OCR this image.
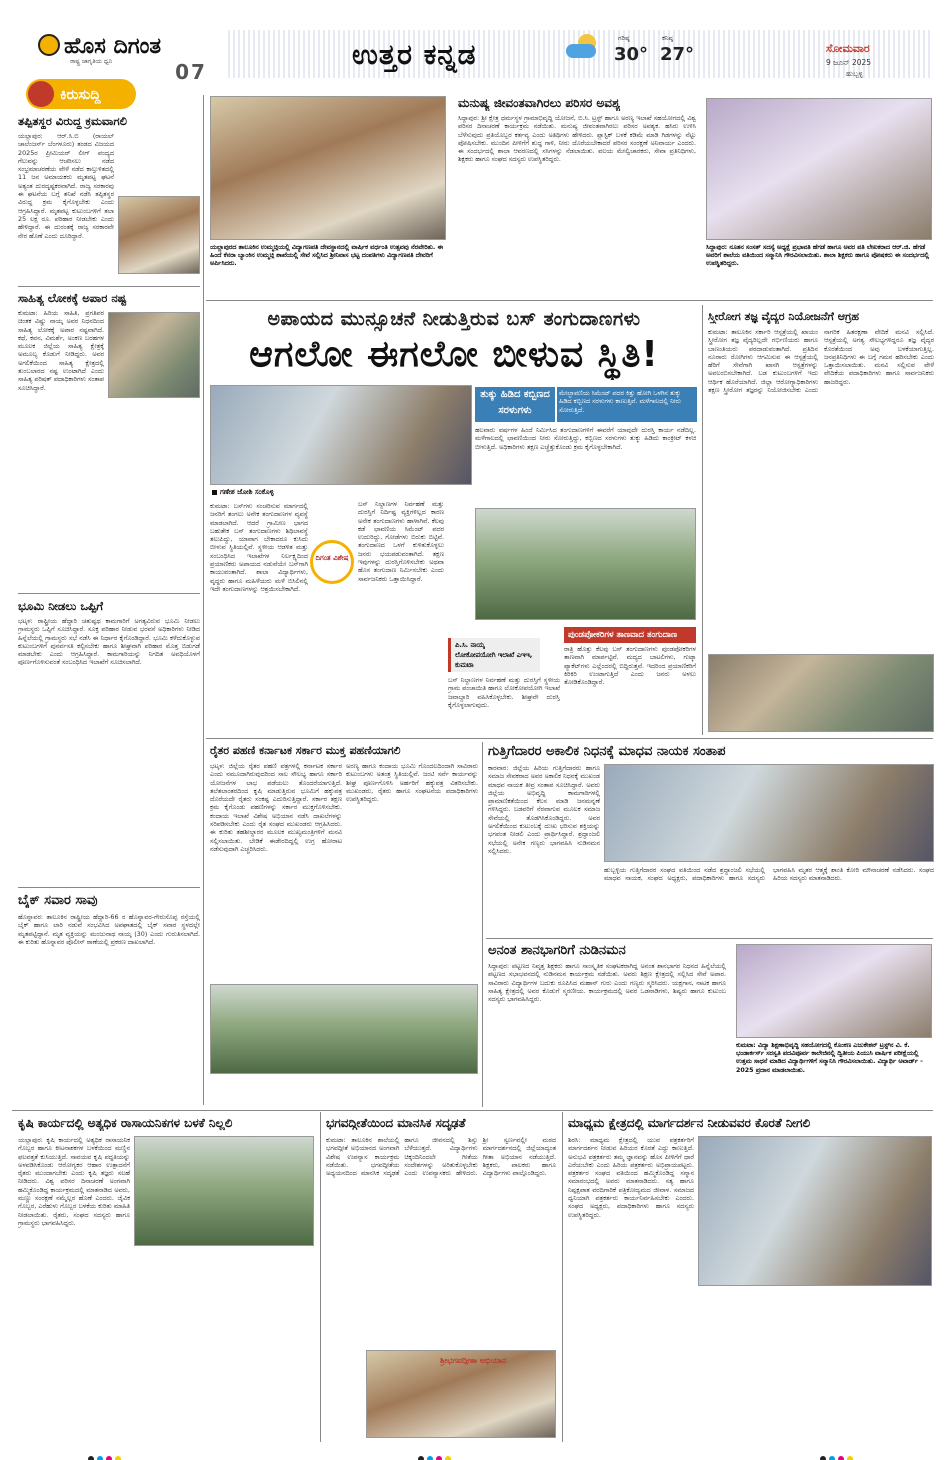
ಹೊಸ ದಿಗಂತ
ರಾಷ್ಟ್ರ ಜಾಗೃತಿಯ ಧ್ವನಿ	07
ಉತ್ತರ ಕನ್ನಡ	ಗರಿಷ್ಠ
30°
ಕನಿಷ್ಠ
27°	ಸೋಮವಾರ
9 ಜೂನ್ 2025
ಹುಬ್ಬಳ್ಳಿ
ಕಿರುಸುದ್ದಿ
ತಪ್ಪಿತಸ್ಥರ ವಿರುದ್ಧ ಕ್ರಮವಾಗಲಿ
ಯಲ್ಲಾಪುರ: ಆರ್.ಸಿ.ಬಿ (ರಾಯಲ್ ಚಾಲೆಂಜರ್ಸ್ ಬೆಂಗಳೂರು) ತಂಡದ ವಿಜಯದ 2025ರ ಪ್ರೀಮಿಯರ್ ಲೀಗ್ ಪಂದ್ಯದ ಗೆಲುವನ್ನು ಆಚರಿಸಲು ನಡೆದ ಸಂಭ್ರಮಾಚರಣೆಯ ವೇಳೆ ನಡೆದ ಕಾಲ್ತುಳಿತದಲ್ಲಿ 11 ಜನ ಅಮಾಯಕರು ಮೃತಪಟ್ಟ ಘಟನೆ ಅತ್ಯಂತ ದುರದೃಷ್ಟಕರವಾಗಿದೆ. ರಾಜ್ಯ ಸರಕಾರವು ಈ ಘಟನೆಯ ಬಗ್ಗೆ ತನಿಖೆ ನಡೆಸಿ ತಪ್ಪಿತಸ್ಥರ ವಿರುದ್ಧ ಕ್ರಮ ಕೈಗೊಳ್ಳಬೇಕು ಎಂದು ಆಗ್ರಹಿಸಿದ್ದಾರೆ. ಮೃತಪಟ್ಟ ಕುಟುಂಬಗಳಿಗೆ ತಲಾ 25 ಲಕ್ಷ ರೂ. ಪರಿಹಾರ ನೀಡಬೇಕು ಎಂದು ಹೇಳಿದ್ದಾರೆ. ಈ ದುರಂತಕ್ಕೆ ರಾಜ್ಯ ಸರಕಾರವೇ ನೇರ ಹೊಣೆ ಎಂದು ದೂರಿದ್ದಾರೆ.
ಸಾಹಿತ್ಯ ಲೋಕಕ್ಕೆ ಅಪಾರ ನಷ್ಟ
ಕುಮಟಾ: ಹಿರಿಯ ಸಾಹಿತಿ, ಪ್ರಗತಿಪರ ಚಿಂತಕ ವಿಷ್ಣು ನಾಯ್ಕ ಅವರ ನಿಧನದಿಂದ ಸಾಹಿತ್ಯ ಲೋಕಕ್ಕೆ ಅಪಾರ ನಷ್ಟವಾಗಿದೆ. ಕಥೆ, ಕವನ, ವಿಮರ್ಶೆ, ಅಂಕಣ ಬರಹಗಳ ಮೂಲಕ ಜಿಲ್ಲೆಯ ಸಾಹಿತ್ಯ ಕ್ಷೇತ್ರಕ್ಕೆ ಅಮೂಲ್ಯ ಕೊಡುಗೆ ನೀಡಿದ್ದರು. ಅವರ ಅಗಲಿಕೆಯಿಂದ ಸಾಹಿತ್ಯ ಕ್ಷೇತ್ರದಲ್ಲಿ ತುಂಬಲಾರದ ನಷ್ಟ ಉಂಟಾಗಿದೆ ಎಂದು ಸಾಹಿತ್ಯ ಪರಿಷತ್ ಪದಾಧಿಕಾರಿಗಳು ಸಂತಾಪ ಸೂಚಿಸಿದ್ದಾರೆ.
ಭೂಮಿ ನೀಡಲು ಒಪ್ಪಿಗೆ
ಭಟ್ಕಳ: ರಾಷ್ಟ್ರೀಯ ಹೆದ್ದಾರಿ ಚತುಷ್ಪಥ ಕಾಮಗಾರಿಗೆ ಅಗತ್ಯವಿರುವ ಭೂಮಿ ನೀಡಲು ಗ್ರಾಮಸ್ಥರು ಒಪ್ಪಿಗೆ ಸೂಚಿಸಿದ್ದಾರೆ. ಸೂಕ್ತ ಪರಿಹಾರ ನೀಡುವ ಭರವಸೆ ಅಧಿಕಾರಿಗಳು ನೀಡಿದ ಹಿನ್ನೆಲೆಯಲ್ಲಿ ಗ್ರಾಮಸ್ಥರು ಸಭೆ ನಡೆಸಿ ಈ ನಿರ್ಧಾರ ಕೈಗೊಂಡಿದ್ದಾರೆ. ಭೂಮಿ ಕಳೆದುಕೊಳ್ಳುವ ಕುಟುಂಬಗಳಿಗೆ ಪುನರ್ವಸತಿ ಕಲ್ಪಿಸಬೇಕು ಹಾಗೂ ಶೀಘ್ರವಾಗಿ ಪರಿಹಾರ ಮೊತ್ತ ಬಿಡುಗಡೆ ಮಾಡಬೇಕು ಎಂದು ಆಗ್ರಹಿಸಿದ್ದಾರೆ. ಕಾಮಗಾರಿಯನ್ನು ನಿಗದಿತ ಅವಧಿಯೊಳಗೆ ಪೂರ್ಣಗೊಳಿಸುವಂತೆ ಸಂಬಂಧಿಸಿದ ಇಲಾಖೆಗೆ ಸೂಚಿಸಲಾಗಿದೆ.
ಬೈಕ್ ಸವಾರ ಸಾವು
ಹೊನ್ನಾವರ: ತಾಲೂಕಿನ ರಾಷ್ಟ್ರೀಯ ಹೆದ್ದಾರಿ-66 ರ ಹೊನ್ನಾವರ-ಗೇರುಸೊಪ್ಪ ರಸ್ತೆಯಲ್ಲಿ ಬೈಕ್ ಹಾಗೂ ಲಾರಿ ನಡುವೆ ಸಂಭವಿಸಿದ ಅಪಘಾತದಲ್ಲಿ ಬೈಕ್ ಸವಾರ ಸ್ಥಳದಲ್ಲೇ ಮೃತಪಟ್ಟಿದ್ದಾನೆ. ಮೃತ ವ್ಯಕ್ತಿಯನ್ನು ಮಂಜುನಾಥ ನಾಯ್ಕ (30) ಎಂದು ಗುರುತಿಸಲಾಗಿದೆ. ಈ ಕುರಿತು ಹೊನ್ನಾವರ ಪೊಲೀಸ್ ಠಾಣೆಯಲ್ಲಿ ಪ್ರಕರಣ ದಾಖಲಾಗಿದೆ.
ಯಲ್ಲಾಪುರದ ತಾಲೂಕಿನ ಉಮ್ಮಚ್ಗಿಯಲ್ಲಿ ವಿದ್ಯಾಗಣಪತಿ ದೇವಸ್ಥಾನದಲ್ಲಿ ವಾರ್ಷಿಕ ವರ್ಧಂತಿ ಉತ್ಸವವು ನೆರವೇರಿತು. ಈ ಹಿಂದೆ ಕೆನರಾ ಬ್ಯಾಂಕಿನ ಉಮ್ಮಚ್ಗಿ ಶಾಖೆಯಲ್ಲಿ ಸೇವೆ ಸಲ್ಲಿಸಿದ ಶ್ರೀನಿವಾಸ ಭಟ್ಟ ದಂಪತಿಗಳು ವಿದ್ಯಾಗಣಪತಿ ದೇವರಿಗೆ ಅರ್ಪಿಸಿದರು.
ಮನುಷ್ಯ ಜೀವಂತವಾಗಿರಲು ಪರಿಸರ ಅವಶ್ಯ
ಸಿದ್ದಾಪುರ: ಶ್ರೀ ಕ್ಷೇತ್ರ ಧರ್ಮಸ್ಥಳ ಗ್ರಾಮಾಭಿವೃದ್ಧಿ ಯೋಜನೆ, ಬಿ.ಸಿ. ಟ್ರಸ್ಟ್ ಹಾಗೂ ಅರಣ್ಯ ಇಲಾಖೆ ಸಹಯೋಗದಲ್ಲಿ ವಿಶ್ವ ಪರಿಸರ ದಿನಾಚರಣೆ ಕಾರ್ಯಕ್ರಮ ನಡೆಯಿತು. ಮನುಷ್ಯ ಜೀವಂತವಾಗಿರಲು ಪರಿಸರ ಅವಶ್ಯಕ. ಹಸಿರು ಉಳಿಸಿ ಬೆಳೆಸುವುದು ಪ್ರತಿಯೊಬ್ಬರ ಕರ್ತವ್ಯ ಎಂದು ಅತಿಥಿಗಳು ಹೇಳಿದರು. ಪ್ಲಾಸ್ಟಿಕ್ ಬಳಕೆ ಕಡಿಮೆ ಮಾಡಿ ಗಿಡಗಳನ್ನು ನೆಟ್ಟು ಪೋಷಿಸಬೇಕು. ಮುಂದಿನ ಪೀಳಿಗೆಗೆ ಶುದ್ಧ ಗಾಳಿ, ನೀರು ದೊರೆಯಬೇಕಾದರೆ ಪರಿಸರ ಸಂರಕ್ಷಣೆ ಅನಿವಾರ್ಯ ಎಂದರು. ಈ ಸಂದರ್ಭದಲ್ಲಿ ಶಾಲಾ ಆವರಣದಲ್ಲಿ ಸಸಿಗಳನ್ನು ನೆಡಲಾಯಿತು. ವಲಯ ಮೇಲ್ವಿಚಾರಕರು, ಸೇವಾ ಪ್ರತಿನಿಧಿಗಳು, ಶಿಕ್ಷಕರು ಹಾಗೂ ಸಂಘದ ಸದಸ್ಯರು ಉಪಸ್ಥಿತರಿದ್ದರು.
ಸಿದ್ದಾಪುರ: ನೂತನ ಸಂಸತ್ ಸದಸ್ಯೆ ಅಧ್ಯಕ್ಷೆ ಪ್ರಭಾವತಿ ಹೆಗಡೆ ಹಾಗೂ ಅವರ ಪತಿ ಲೇಖಕರಾದ ಆರ್.ಜಿ. ಹೆಗಡೆ ಅವರಿಗೆ ಶಾಲೆಯ ವತಿಯಿಂದ ಸನ್ಮಾನಿಸಿ ಗೌರವಿಸಲಾಯಿತು. ಶಾಲಾ ಶಿಕ್ಷಕರು ಹಾಗೂ ಪೋಷಕರು ಈ ಸಂದರ್ಭದಲ್ಲಿ ಉಪಸ್ಥಿತರಿದ್ದರು.
ಅಪಾಯದ ಮುನ್ಸೂಚನೆ ನೀಡುತ್ತಿರುವ ಬಸ್ ತಂಗುದಾಣಗಳು
ಆಗಲೋ ಈಗಲೋ ಬೀಳುವ ಸ್ಥಿತಿ!
ತುಕ್ಕು ಹಿಡಿದ ಕಬ್ಬಿಣದ ಸರಳುಗಳು
ಮೇಲ್ಛಾವಣಿಯ ಸಿಮೆಂಟ್ ಪದರ ಕಿತ್ತು ಹೋಗಿ ಒಳಗಿನ ತುಕ್ಕು ಹಿಡಿದ ಕಬ್ಬಿಣದ ಸರಳುಗಳು ಕಾಣುತ್ತಿವೆ. ಮಳೆಗಾಲದಲ್ಲಿ ನೀರು ಸೋರುತ್ತಿದೆ.
ಹಲವಾರು ವರ್ಷಗಳ ಹಿಂದೆ ನಿರ್ಮಿಸಿದ ತಂಗುದಾಣಗಳಿಗೆ ಈವರೆಗೆ ಯಾವುದೇ ದುರಸ್ತಿ ಕಾರ್ಯ ನಡೆದಿಲ್ಲ. ಮಳೆಗಾಲದಲ್ಲಿ ಛಾವಣಿಯಿಂದ ನೀರು ಸೋರುತ್ತಿದ್ದು, ಕಬ್ಬಿಣದ ಸರಳುಗಳು ತುಕ್ಕು ಹಿಡಿದು ಕಾಂಕ್ರೀಟ್ ಕಳಚಿ ಬೀಳುತ್ತಿದೆ. ಅಧಿಕಾರಿಗಳು ತಕ್ಷಣ ಎಚ್ಚೆತ್ತುಕೊಂಡು ಕ್ರಮ ಕೈಗೊಳ್ಳಬೇಕಾಗಿದೆ.
ಪುಂಡಪೋಕರಿಗಳ ತಾಣವಾದ ತಂಗುದಾಣ
ರಾತ್ರಿ ಹೊತ್ತು ಕೆಲವು ಬಸ್ ತಂಗುದಾಣಗಳು ಪುಂಡಪೋಕರಿಗಳ ತಾಣವಾಗಿ ಮಾರ್ಪಟ್ಟಿವೆ. ಮದ್ಯದ ಬಾಟಲಿಗಳು, ಗುಟ್ಕಾ ಪ್ಯಾಕೆಟ್‌ಗಳು ಎಲ್ಲೆಂದರಲ್ಲಿ ಬಿದ್ದಿರುತ್ತವೆ. ಇದರಿಂದ ಪ್ರಯಾಣಿಕರಿಗೆ ಕಿರಿಕಿರಿ ಉಂಟಾಗುತ್ತಿದೆ ಎಂದು ಜನರು ಅಳಲು ತೋಡಿಕೊಂಡಿದ್ದಾರೆ.
ಗಣೇಶ ಜೋಶಿ ಸಂಕೊಳ್ಳಿ
ಕುಮಟಾ: ಬಸ್‌ಗಳು ಸಂಚರಿಸುವ ಮಾರ್ಗದಲ್ಲಿ ಜನರಿಗೆ ತಂಗಲು ಅನೇಕ ತಂಗುದಾಣಗಳ ವ್ಯವಸ್ಥೆ ಮಾಡಲಾಗಿದೆ. ಆದರೆ ಗ್ರಾಮೀಣ ಭಾಗದ ಬಹುತೇಕ ಬಸ್ ತಂಗುದಾಣಗಳು ಶಿಥಿಲಾವಸ್ಥೆ ತಲುಪಿದ್ದು, ಯಾವಾಗ ಬೇಕಾದರೂ ಕುಸಿದು ಬೀಳುವ ಸ್ಥಿತಿಯಲ್ಲಿವೆ. ಸ್ಥಳೀಯ ಆಡಳಿತ ಮತ್ತು ಸಂಬಂಧಿಸಿದ ಇಲಾಖೆಗಳ ನಿರ್ಲಕ್ಷ್ಯದಿಂದ ಪ್ರಯಾಣಿಕರು ಅಪಾಯದ ನಡುವೆಯೇ ಬಸ್‌ಗಾಗಿ ಕಾಯುವಂತಾಗಿದೆ. ಶಾಲಾ ವಿದ್ಯಾರ್ಥಿಗಳು, ವೃದ್ಧರು ಹಾಗೂ ಮಹಿಳೆಯರು ಮಳೆ ಬಿಸಿಲಿನಲ್ಲಿ ಇದೇ ತಂಗುದಾಣಗಳನ್ನು ಆಶ್ರಯಿಸಬೇಕಾಗಿದೆ.
ದಿಗಂತ ವಿಶೇಷ
ಬಸ್ ನಿಲ್ದಾಣಗಳ ನಿರ್ವಹಣೆ ಮತ್ತು ದುರಸ್ತಿಗೆ ನಿರ್ದಿಷ್ಟ ವ್ಯಕ್ತಿಗಳಿಲ್ಲದ ಕಾರಣ ಅನೇಕ ತಂಗುದಾಣಗಳು ಹಾಳಾಗಿವೆ. ಕೆಲವು ಕಡೆ ಛಾವಣಿಯ ಸಿಮೆಂಟ್ ಪದರ ಉದುರಿದ್ದು, ಗೋಡೆಗಳು ಬಿರುಕು ಬಿಟ್ಟಿವೆ. ತಂಗುದಾಣದ ಒಳಗೆ ಕುಳಿತುಕೊಳ್ಳಲು ಜನರು ಭಯಪಡುವಂತಾಗಿದೆ. ತಕ್ಷಣ ಇವುಗಳನ್ನು ದುರಸ್ತಿಗೊಳಿಸಬೇಕು ಅಥವಾ ಹೊಸ ತಂಗುದಾಣ ನಿರ್ಮಿಸಬೇಕು ಎಂದು ಸಾರ್ವಜನಿಕರು ಒತ್ತಾಯಿಸಿದ್ದಾರೆ.
ಬಸ್ ನಿಲ್ದಾಣಗಳ ನಿರ್ವಹಣೆ ಮತ್ತು ದುರಸ್ತಿಗೆ ಸ್ಥಳೀಯ ಗ್ರಾಮ ಪಂಚಾಯಿತಿ ಹಾಗೂ ಲೋಕೋಪಯೋಗಿ ಇಲಾಖೆ ಜವಾಬ್ದಾರಿ ವಹಿಸಿಕೊಳ್ಳಬೇಕು. ಶೀಘ್ರವೇ ದುರಸ್ತಿ ಕೈಗೊಳ್ಳಲಾಗುವುದು.
ಪಿ.ಸಿ. ನಾಯ್ಕ
ಲೋಕೋಪಯೋಗಿ ಇಲಾಖೆ ಎಇಇ, ಕುಮಟಾ
ಸ್ತ್ರೀರೋಗ ತಜ್ಞ ವೈದ್ಯರ ನಿಯೋಜನೆಗೆ ಆಗ್ರಹ
ಕುಮಟಾ: ತಾಲೂಕಿನ ಸರ್ಕಾರಿ ಆಸ್ಪತ್ರೆಯಲ್ಲಿ ಖಾಯಂ ಸ್ತ್ರೀರೋಗ ತಜ್ಞ ವೈದ್ಯರಿಲ್ಲದೇ ಗರ್ಭಿಣಿಯರು ಹಾಗೂ ಬಾಣಂತಿಯರು ಪರದಾಡುವಂತಾಗಿದೆ. ಪ್ರತಿದಿನ ನೂರಾರು ರೋಗಿಗಳು ಆಗಮಿಸುವ ಈ ಆಸ್ಪತ್ರೆಯಲ್ಲಿ ಹೆರಿಗೆ ಸೇವೆಗಾಗಿ ಖಾಸಗಿ ಆಸ್ಪತ್ರೆಗಳನ್ನು ಅವಲಂಬಿಸಬೇಕಾಗಿದೆ. ಬಡ ಕುಟುಂಬಗಳಿಗೆ ಇದು ಆರ್ಥಿಕ ಹೊರೆಯಾಗಿದೆ. ಜಿಲ್ಲಾ ಆರೋಗ್ಯಾಧಿಕಾರಿಗಳು ತಕ್ಷಣ ಸ್ತ್ರೀರೋಗ ತಜ್ಞರನ್ನು ನಿಯೋಜಿಸಬೇಕು ಎಂದು ನಾಗರಿಕ ಹಿತರಕ್ಷಣಾ ವೇದಿಕೆ ಮನವಿ ಸಲ್ಲಿಸಿದೆ. ಆಸ್ಪತ್ರೆಯಲ್ಲಿ ಅಗತ್ಯ ಸೌಲಭ್ಯಗಳಿದ್ದರೂ ತಜ್ಞ ವೈದ್ಯರ ಕೊರತೆಯಿಂದ ಅವು ಬಳಕೆಯಾಗುತ್ತಿಲ್ಲ. ಜನಪ್ರತಿನಿಧಿಗಳು ಈ ಬಗ್ಗೆ ಗಮನ ಹರಿಸಬೇಕು ಎಂದು ಒತ್ತಾಯಿಸಲಾಯಿತು. ಮನವಿ ಸಲ್ಲಿಸುವ ವೇಳೆ ವೇದಿಕೆಯ ಪದಾಧಿಕಾರಿಗಳು ಹಾಗೂ ಸಾರ್ವಜನಿಕರು ಹಾಜರಿದ್ದರು.
ರೈತರ ಪಹಣಿ ಕರ್ನಾಟಕ ಸರ್ಕಾರ ಮುಕ್ತ ಪಹಣಿಯಾಗಲಿ
ಭಟ್ಕಳ: ಜಿಲ್ಲೆಯ ರೈತರ ಪಹಣಿ ಪತ್ರಗಳಲ್ಲಿ ಕರ್ನಾಟಕ ಸರ್ಕಾರ ಎಂದು ನಮೂದಾಗಿರುವುದರಿಂದ ಸಾಲ ಸೌಲಭ್ಯ ಹಾಗೂ ಸರ್ಕಾರಿ ಯೋಜನೆಗಳ ಲಾಭ ಪಡೆಯಲು ತೊಂದರೆಯಾಗುತ್ತಿದೆ. ತಲೆತಲಾಂತರದಿಂದ ಕೃಷಿ ಮಾಡುತ್ತಿರುವ ಭೂಮಿಗೆ ಹಕ್ಕುಪತ್ರ ದೊರೆಯದೇ ರೈತರು ಸಂಕಷ್ಟ ಎದುರಿಸುತ್ತಿದ್ದಾರೆ. ಸರ್ಕಾರ ತಕ್ಷಣ ಕ್ರಮ ಕೈಗೊಂಡು ಪಹಣಿಗಳನ್ನು ಸರ್ಕಾರ ಮುಕ್ತಗೊಳಿಸಬೇಕು. ಕಂದಾಯ ಇಲಾಖೆ ವಿಶೇಷ ಅಭಿಯಾನ ನಡೆಸಿ ದಾಖಲೆಗಳನ್ನು ಸರಿಪಡಿಸಬೇಕು ಎಂದು ರೈತ ಸಂಘದ ಮುಖಂಡರು ಆಗ್ರಹಿಸಿದರು. ಈ ಕುರಿತು ತಹಶೀಲ್ದಾರರ ಮೂಲಕ ಮುಖ್ಯಮಂತ್ರಿಗಳಿಗೆ ಮನವಿ ಸಲ್ಲಿಸಲಾಯಿತು. ಬೇಡಿಕೆ ಈಡೇರದಿದ್ದಲ್ಲಿ ಉಗ್ರ ಹೋರಾಟ ನಡೆಸುವುದಾಗಿ ಎಚ್ಚರಿಸಿದರು.
ಅರಣ್ಯ ಹಾಗೂ ಕಂದಾಯ ಭೂಮಿ ಗೊಂದಲದಿಂದಾಗಿ ಸಾವಿರಾರು ಕುಟುಂಬಗಳು ಅತಂತ್ರ ಸ್ಥಿತಿಯಲ್ಲಿವೆ. ಜಂಟಿ ಸರ್ವೆ ಕಾರ್ಯವನ್ನು ಶೀಘ್ರ ಪೂರ್ಣಗೊಳಿಸಿ ಅರ್ಹರಿಗೆ ಹಕ್ಕುಪತ್ರ ವಿತರಿಸಬೇಕು. ಮುಖಂಡರು, ರೈತರು ಹಾಗೂ ಸಂಘಟನೆಯ ಪದಾಧಿಕಾರಿಗಳು ಉಪಸ್ಥಿತರಿದ್ದರು.
ಗುತ್ತಿಗೆದಾರರ ಅಕಾಲಿಕ ನಿಧನಕ್ಕೆ ಮಾಧವ ನಾಯಕ ಸಂತಾಪ
ಕಾರವಾರ: ಜಿಲ್ಲೆಯ ಹಿರಿಯ ಗುತ್ತಿಗೆದಾರರು ಹಾಗೂ ಸಮಾಜ ಸೇವಕರಾದ ಅವರ ಅಕಾಲಿಕ ನಿಧನಕ್ಕೆ ಮುಖಂಡ ಮಾಧವ ನಾಯಕ ತೀವ್ರ ಸಂತಾಪ ಸೂಚಿಸಿದ್ದಾರೆ. ಅವರು ಜಿಲ್ಲೆಯ ಅಭಿವೃದ್ಧಿ ಕಾಮಗಾರಿಗಳಲ್ಲಿ ಪ್ರಾಮಾಣಿಕತೆಯಿಂದ ಕೆಲಸ ಮಾಡಿ ಜನಮನ್ನಣೆ ಗಳಿಸಿದ್ದರು. ಬಡವರಿಗೆ ನೆರವಾಗುವ ಮೂಲಕ ಸಮಾಜ ಸೇವೆಯಲ್ಲಿ ತೊಡಗಿಸಿಕೊಂಡಿದ್ದರು. ಅವರ ಅಗಲಿಕೆಯಿಂದ ಕುಟುಂಬಕ್ಕೆ ದುಃಖ ಭರಿಸುವ ಶಕ್ತಿಯನ್ನು ಭಗವಂತ ನೀಡಲಿ ಎಂದು ಪ್ರಾರ್ಥಿಸಿದ್ದಾರೆ. ಶ್ರದ್ಧಾಂಜಲಿ ಸಭೆಯಲ್ಲಿ ಅನೇಕ ಗಣ್ಯರು ಭಾಗವಹಿಸಿ ನುಡಿನಮನ ಸಲ್ಲಿಸಿದರು.
ಹುಬ್ಬಳ್ಳಿಯ ಗುತ್ತಿಗೆದಾರರ ಸಂಘದ ವತಿಯಿಂದ ನಡೆದ ಶ್ರದ್ಧಾಂಜಲಿ ಸಭೆಯಲ್ಲಿ ಮಾಧವ ನಾಯಕ, ಸಂಘದ ಅಧ್ಯಕ್ಷರು, ಪದಾಧಿಕಾರಿಗಳು ಹಾಗೂ ಸದಸ್ಯರು ಭಾಗವಹಿಸಿ ಮೃತರ ಆತ್ಮಕ್ಕೆ ಶಾಂತಿ ಕೋರಿ ಮೌನಾಚರಣೆ ನಡೆಸಿದರು. ಸಂಘದ ಹಿರಿಯ ಸದಸ್ಯರು ಮಾತನಾಡಿದರು.
ಅನಂತ ಶಾನಭಾಗರಿಗೆ ನುಡಿನಮನ
ಸಿದ್ದಾಪುರ: ಪಟ್ಟಣದ ನಿವೃತ್ತ ಶಿಕ್ಷಕರು ಹಾಗೂ ಸಾಂಸ್ಕೃತಿಕ ಸಂಘಟಕರಾಗಿದ್ದ ಅನಂತ ಶಾನಭಾಗರ ನಿಧನದ ಹಿನ್ನೆಲೆಯಲ್ಲಿ ಪಟ್ಟಣದ ಸಭಾಭವನದಲ್ಲಿ ನುಡಿನಮನ ಕಾರ್ಯಕ್ರಮ ನಡೆಯಿತು. ಅವರು ಶಿಕ್ಷಣ ಕ್ಷೇತ್ರದಲ್ಲಿ ಸಲ್ಲಿಸಿದ ಸೇವೆ ಅಪಾರ. ಸಾವಿರಾರು ವಿದ್ಯಾರ್ಥಿಗಳ ಬದುಕು ರೂಪಿಸಿದ ಮಹಾನ್ ಗುರು ಎಂದು ಗಣ್ಯರು ಸ್ಮರಿಸಿದರು. ಯಕ್ಷಗಾನ, ನಾಟಕ ಹಾಗೂ ಸಾಹಿತ್ಯ ಕ್ಷೇತ್ರದಲ್ಲಿ ಅವರ ಕೊಡುಗೆ ಸ್ಮರಣೀಯ. ಕಾರ್ಯಕ್ರಮದಲ್ಲಿ ಅವರ ಒಡನಾಡಿಗಳು, ಶಿಷ್ಯರು ಹಾಗೂ ಕುಟುಂಬ ಸದಸ್ಯರು ಭಾಗವಹಿಸಿದ್ದರು.
ಕುಮಟಾ: ವಿದ್ಯಾ ಶಿಕ್ಷಣಾಭಿವೃದ್ಧಿ ಸಹಯೋಗದಲ್ಲಿ ಕೊಂಕಣ ಎಜುಕೇಶನ್ ಟ್ರಸ್ಟ್‌ನ ವಿ. ಕೆ. ಭಂಡಾರ್ಕರ್ಸ್ ಸರಸ್ವತಿ ಪದವಿಪೂರ್ವ ಕಾಲೇಜಿನಲ್ಲಿ ದ್ವಿತೀಯ ಪಿಯುಸಿ ವಾರ್ಷಿಕ ಪರೀಕ್ಷೆಯಲ್ಲಿ ಉತ್ತಮ ಸಾಧನೆ ಮಾಡಿದ ವಿದ್ಯಾರ್ಥಿಗಳಿಗೆ ಸನ್ಮಾನಿಸಿ ಗೌರವಿಸಲಾಯಿತು. ವಿದ್ಯಾರ್ಥಿ ಅವಾರ್ಡ್ - 2025 ಪ್ರದಾನ ಮಾಡಲಾಯಿತು.
ಕೃಷಿ ಕಾರ್ಯದಲ್ಲಿ ಅತ್ಯಧಿಕ ರಾಸಾಯನಿಕಗಳ ಬಳಕೆ ನಿಲ್ಲಲಿ
ಯಲ್ಲಾಪುರ: ಕೃಷಿ ಕಾರ್ಯದಲ್ಲಿ ಅತ್ಯಧಿಕ ರಾಸಾಯನಿಕ ಗೊಬ್ಬರ ಹಾಗೂ ಕೀಟನಾಶಕಗಳ ಬಳಕೆಯಿಂದ ಮಣ್ಣಿನ ಫಲವತ್ತತೆ ಕುಸಿಯುತ್ತಿದೆ. ಸಾವಯವ ಕೃಷಿ ಪದ್ಧತಿಯನ್ನು ಅಳವಡಿಸಿಕೊಂಡು ಆರೋಗ್ಯಕರ ಆಹಾರ ಉತ್ಪಾದನೆಗೆ ರೈತರು ಮುಂದಾಗಬೇಕು ಎಂದು ಕೃಷಿ ತಜ್ಞರು ಸಲಹೆ ನೀಡಿದರು. ವಿಶ್ವ ಪರಿಸರ ದಿನಾಚರಣೆ ಅಂಗವಾಗಿ ಹಮ್ಮಿಕೊಂಡಿದ್ದ ಕಾರ್ಯಕ್ರಮದಲ್ಲಿ ಮಾತನಾಡಿದ ಅವರು, ಮಣ್ಣು ಸಂರಕ್ಷಣೆ ನಮ್ಮೆಲ್ಲರ ಹೊಣೆ ಎಂದರು. ಜೈವಿಕ ಗೊಬ್ಬರ, ಎರೆಹುಳು ಗೊಬ್ಬರ ಬಳಕೆಯ ಕುರಿತು ಮಾಹಿತಿ ನೀಡಲಾಯಿತು. ರೈತರು, ಸಂಘದ ಸದಸ್ಯರು ಹಾಗೂ ಗ್ರಾಮಸ್ಥರು ಭಾಗವಹಿಸಿದ್ದರು.
ಭಗವದ್ಗೀತೆಯಿಂದ ಮಾನಸಿಕ ಸದೃಢತೆ
ಕುಮಟಾ: ತಾಲೂಕಿನ ಶಾಲೆಯಲ್ಲಿ ಭಗವದ್ಗೀತೆ ಅಭಿಯಾನದ ಅಂಗವಾಗಿ ವಿಶೇಷ ಉಪನ್ಯಾಸ ಕಾರ್ಯಕ್ರಮ ನಡೆಯಿತು. ಭಗವದ್ಗೀತೆಯ ಅಧ್ಯಯನದಿಂದ ಮಾನಸಿಕ ಸದೃಢತೆ ಹಾಗೂ ಜೀವನದಲ್ಲಿ ಶಿಸ್ತು ಬೆಳೆಯುತ್ತದೆ. ವಿದ್ಯಾರ್ಥಿಗಳು ಚಿಕ್ಕಂದಿನಿಂದಲೇ ಗೀತೆಯ ಸಂದೇಶಗಳನ್ನು ಅರಿತುಕೊಳ್ಳಬೇಕು ಎಂದು ಉಪನ್ಯಾಸಕರು ಹೇಳಿದರು. ಶ್ರೀ ಸ್ವರ್ಣವಲ್ಲೀ ಮಠದ ಮಾರ್ಗದರ್ಶನದಲ್ಲಿ ಜಿಲ್ಲೆಯಾದ್ಯಂತ ಗೀತಾ ಅಭಿಯಾನ ನಡೆಯುತ್ತಿದೆ. ಶಿಕ್ಷಕರು, ಪಾಲಕರು ಹಾಗೂ ವಿದ್ಯಾರ್ಥಿಗಳು ಪಾಲ್ಗೊಂಡಿದ್ದರು.
ಶ್ರೀಭಗವದ್ಗೀತಾ ಅಭಿಯಾನ
ಮಾಧ್ಯಮ ಕ್ಷೇತ್ರದಲ್ಲಿ ಮಾರ್ಗದರ್ಶನ ನೀಡುವವರ ಕೊರತೆ ನೀಗಲಿ
ಶಿರಸಿ: ಮಾಧ್ಯಮ ಕ್ಷೇತ್ರದಲ್ಲಿ ಯುವ ಪತ್ರಕರ್ತರಿಗೆ ಮಾರ್ಗದರ್ಶನ ನೀಡುವ ಹಿರಿಯರ ಕೊರತೆ ಎದ್ದು ಕಾಣುತ್ತಿದೆ. ಅನುಭವಿ ಪತ್ರಕರ್ತರು ತಮ್ಮ ಜ್ಞಾನವನ್ನು ಹೊಸ ಪೀಳಿಗೆಗೆ ಧಾರೆ ಎರೆಯಬೇಕು ಎಂದು ಹಿರಿಯ ಪತ್ರಕರ್ತರು ಅಭಿಪ್ರಾಯಪಟ್ಟರು. ಪತ್ರಕರ್ತರ ಸಂಘದ ವತಿಯಿಂದ ಹಮ್ಮಿಕೊಂಡಿದ್ದ ಸನ್ಮಾನ ಸಮಾರಂಭದಲ್ಲಿ ಅವರು ಮಾತನಾಡಿದರು. ಸತ್ಯ ಹಾಗೂ ನಿಷ್ಪಕ್ಷಪಾತ ವರದಿಗಾರಿಕೆ ಪತ್ರಿಕೋದ್ಯಮದ ಜೀವಾಳ. ಸಮಾಜದ ಧ್ವನಿಯಾಗಿ ಪತ್ರಕರ್ತರು ಕಾರ್ಯನಿರ್ವಹಿಸಬೇಕು ಎಂದರು. ಸಂಘದ ಅಧ್ಯಕ್ಷರು, ಪದಾಧಿಕಾರಿಗಳು ಹಾಗೂ ಸದಸ್ಯರು ಉಪಸ್ಥಿತರಿದ್ದರು.
